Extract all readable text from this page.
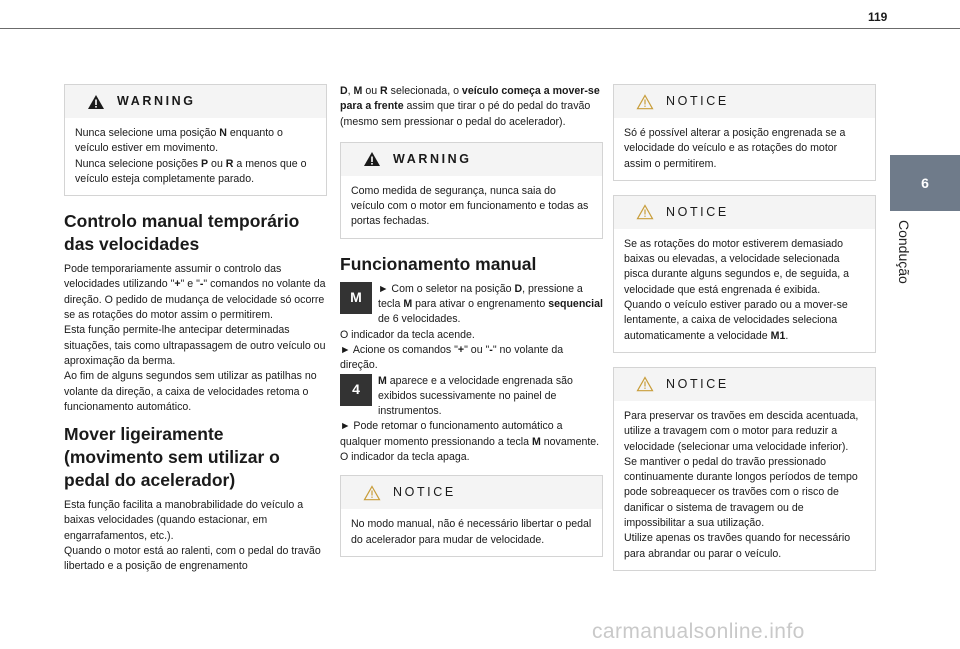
119
6
Condução
WARNING

Nunca selecione uma posição N enquanto o veículo estiver em movimento.

Nunca selecione posições P ou R a menos que o veículo esteja completamente parado.

Controlo manual temporário das velocidades

Pode temporariamente assumir o controlo das velocidades utilizando "+" e "-" comandos no volante da direção. O pedido de mudança de velocidade só ocorre se as rotações do motor assim o permitirem.

Esta função permite-lhe antecipar determinadas situações, tais como ultrapassagem de outro veículo ou aproximação da berma.

Ao fim de alguns segundos sem utilizar as patilhas no volante da direção, a caixa de velocidades retoma o funcionamento automático.

Mover ligeiramente (movimento sem utilizar o pedal do acelerador)

Esta função facilita a manobrabilidade do veículo a baixas velocidades (quando estacionar, em engarrafamentos, etc.).

Quando o motor está ao ralenti, com o pedal do travão libertado e a posição de engrenamento

D, M ou R selecionada, o veículo começa a mover-se para a frente assim que tirar o pé do pedal do travão (mesmo sem pressionar o pedal do acelerador).

WARNING

Como medida de segurança, nunca saia do veículo com o motor em funcionamento e todas as portas fechadas.

Funcionamento manual
M

► Com o seletor na posição D, pressione a tecla M para ativar o engrenamento sequencial de 6 velocidades.

O indicador da tecla acende.

► Acione os comandos "+" ou "-" no volante da direção.

4

M aparece e a velocidade engrenada são exibidos sucessivamente no painel de instrumentos.

► Pode retomar o funcionamento automático a qualquer momento pressionando a tecla M novamente.

O indicador da tecla apaga.

NOTICE

No modo manual, não é necessário libertar o pedal do acelerador para mudar de velocidade.

NOTICE

Só é possível alterar a posição engrenada se a velocidade do veículo e as rotações do motor assim o permitirem.

NOTICE

Se as rotações do motor estiverem demasiado baixas ou elevadas, a velocidade selecionada pisca durante alguns segundos e, de seguida, a velocidade que está engrenada é exibida.

Quando o veículo estiver parado ou a mover-se lentamente, a caixa de velocidades seleciona automaticamente a velocidade M1.

NOTICE

Para preservar os travões em descida acentuada, utilize a travagem com o motor para reduzir a velocidade (selecionar uma velocidade inferior).

Se mantiver o pedal do travão pressionado continuamente durante longos períodos de tempo pode sobreaquecer os travões com o risco de danificar o sistema de travagem ou de impossibilitar a sua utilização.

Utilize apenas os travões quando for necessário para abrandar ou parar o veículo.

carmanualsonline.info
